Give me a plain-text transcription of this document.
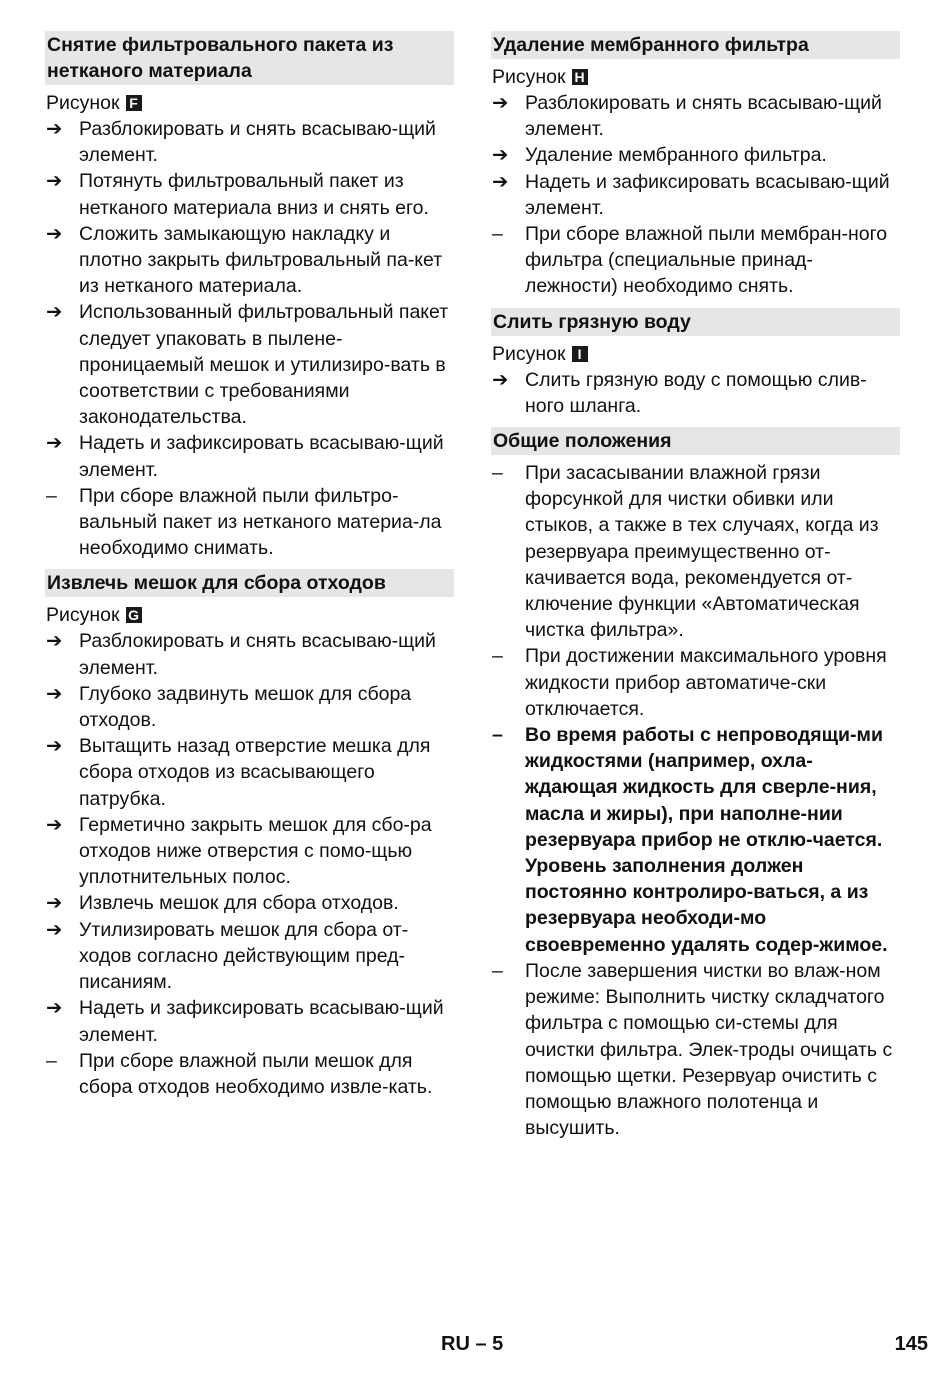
Снятие фильтровального пакета из нетканого материала
Рисунок F
➔ Разблокировать и снять всасываю-щий элемент.
➔ Потянуть фильтровальный пакет из нетканого материала вниз и снять его.
➔ Сложить замыкающую накладку и плотно закрыть фильтровальный па-кет из нетканого материала.
➔ Использованный фильтровальный пакет следует упаковать в пылене-проницаемый мешок и утилизиро-вать в соответствии с требованиями законодательства.
➔ Надеть и зафиксировать всасываю-щий элемент.
–	При сборе влажной пыли фильтро-вальный пакет из нетканого материа-ла необходимо снимать.
Извлечь мешок для сбора отходов
Рисунок G
➔ Разблокировать и снять всасываю-щий элемент.
➔ Глубоко задвинуть мешок для сбора отходов.
➔ Вытащить назад отверстие мешка для сбора отходов из всасывающего патрубка.
➔ Герметично закрыть мешок для сбо-ра отходов ниже отверстия с помо-щью уплотнительных полос.
➔ Извлечь мешок для сбора отходов.
➔ Утилизировать мешок для сбора от-ходов согласно действующим пред-писаниям.
➔ Надеть и зафиксировать всасываю-щий элемент.
–	При сборе влажной пыли мешок для сбора отходов необходимо извле-кать.
Удаление мембранного фильтра
Рисунок H
➔ Разблокировать и снять всасываю-щий элемент.
➔ Удаление мембранного фильтра.
➔ Надеть и зафиксировать всасываю-щий элемент.
–	При сборе влажной пыли мембран-ного фильтра (специальные принад-лежности) необходимо снять.
Слить грязную воду
Рисунок I
➔ Слить грязную воду с помощью слив-ного шланга.
Общие положения
–	При засасывании влажной грязи форсункой для чистки обивки или стыков, а также в тех случаях, когда из резервуара преимущественно от-качивается вода, рекомендуется от-ключение функции «Автоматическая чистка фильтра».
–	При достижении максимального уровня жидкости прибор автоматиче-ски отключается.
–	Во время работы с непроводящи-ми жидкостями (например, охла-ждающая жидкость для сверле-ния, масла и жиры), при наполне-нии резервуара прибор не отклю-чается. Уровень заполнения должен постоянно контролиро-ваться, а из резервуара необходи-мо своевременно удалять содер-жимое.
–	После завершения чистки во влаж-ном режиме: Выполнить чистку складчатого фильтра с помощью си-стемы для очистки фильтра. Элек-троды очищать с помощью щетки. Резервуар очистить с помощью влажного полотенца и высушить.
RU – 5	145
